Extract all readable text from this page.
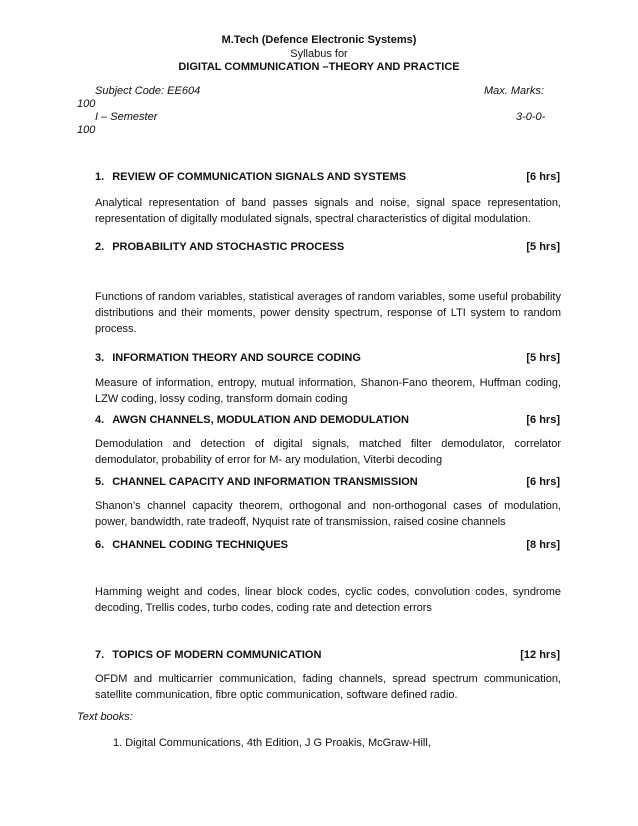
M.Tech (Defence Electronic Systems)
Syllabus for
DIGITAL COMMUNICATION –THEORY AND PRACTICE
Subject Code: EE604	Max. Marks:
100
I – Semester	3-0-0-
100
1. REVIEW OF COMMUNICATION SIGNALS AND SYSTEMS	[6 hrs]
Analytical representation of band passes signals and noise, signal space representation, representation of digitally modulated signals, spectral characteristics of digital modulation.
2. PROBABILITY AND STOCHASTIC PROCESS	[5 hrs]
Functions of random variables, statistical averages of random variables, some useful probability distributions and their moments, power density spectrum, response of LTI system to random process.
3. INFORMATION THEORY AND SOURCE CODING	[5 hrs]
Measure of information, entropy, mutual information, Shanon-Fano theorem, Huffman coding, LZW coding, lossy coding, transform domain coding
4. AWGN CHANNELS, MODULATION AND DEMODULATION	[6 hrs]
Demodulation and detection of digital signals, matched filter demodulator, correlator demodulator, probability of error for M- ary modulation, Viterbi decoding
5. CHANNEL CAPACITY AND INFORMATION TRANSMISSION	[6 hrs]
Shanon’s channel capacity theorem, orthogonal and non-orthogonal cases of modulation, power, bandwidth, rate tradeoff, Nyquist rate of transmission, raised cosine channels
6. CHANNEL CODING TECHNIQUES	[8 hrs]
Hamming weight and codes, linear block codes, cyclic codes, convolution codes, syndrome decoding, Trellis codes, turbo codes, coding rate and detection errors
7. TOPICS OF MODERN COMMUNICATION	[12 hrs]
OFDM and multicarrier communication, fading channels, spread spectrum communication, satellite communication, fibre optic communication, software defined radio.
Text books:
1. Digital Communications, 4th Edition, J G Proakis, McGraw-Hill,
